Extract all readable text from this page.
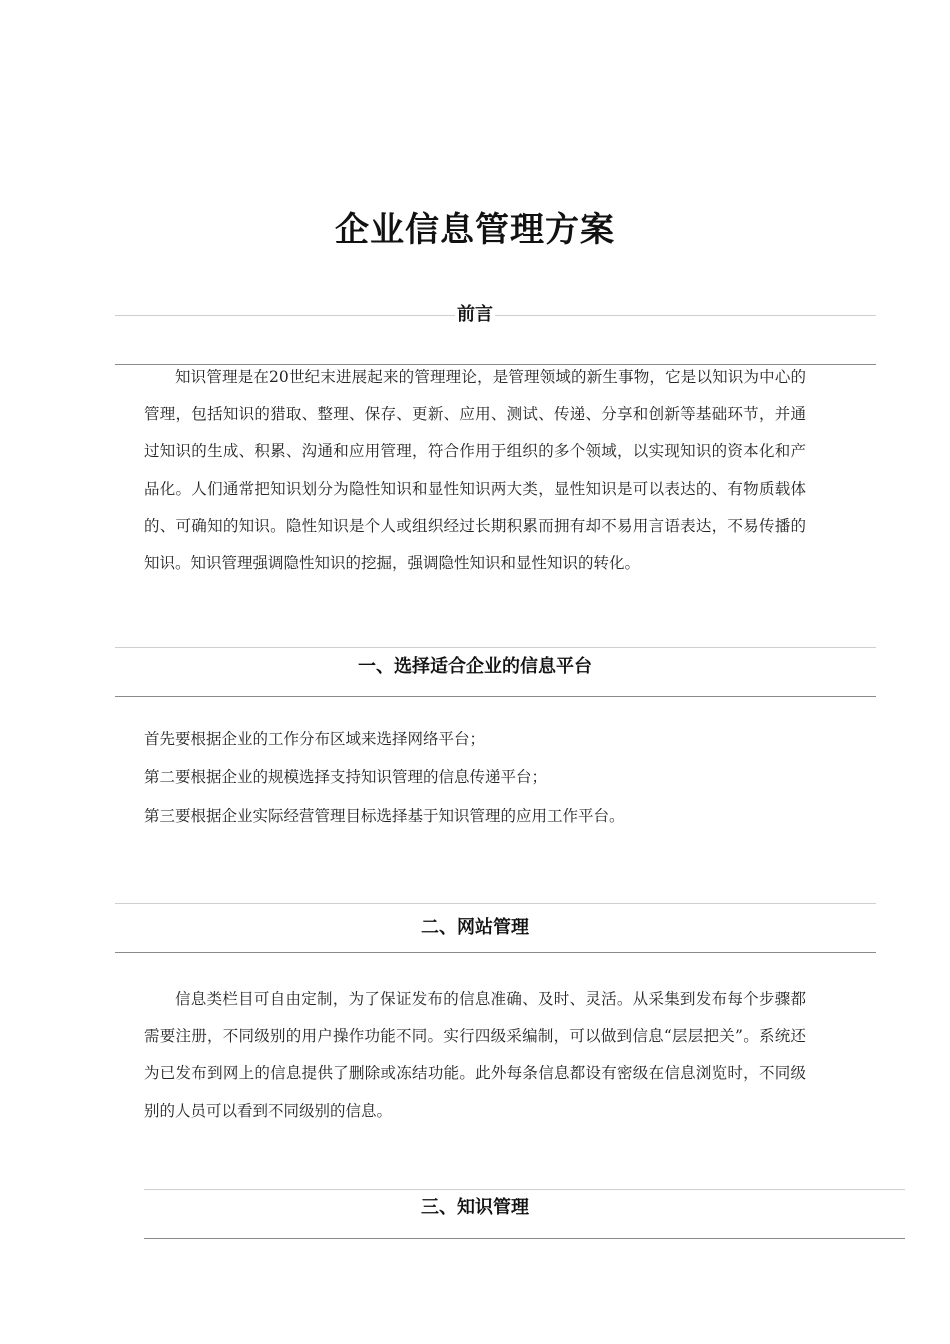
企业信息管理方案
前言

知识管理是在20世纪末进展起来的管理理论，是管理领域的新生事物，它是以知识为中心的管理，包括知识的猎取、整理、保存、更新、应用、测试、传递、分享和创新等基础环节，并通过知识的生成、积累、沟通和应用管理，符合作用于组织的多个领域，以实现知识的资本化和产品化。人们通常把知识划分为隐性知识和显性知识两大类，显性知识是可以表达的、有物质载体的、可确知的知识。隐性知识是个人或组织经过长期积累而拥有却不易用言语表达，不易传播的知识。知识管理强调隐性知识的挖掘，强调隐性知识和显性知识的转化。

一、选择适合企业的信息平台

首先要根据企业的工作分布区域来选择网络平台；

第二要根据企业的规模选择支持知识管理的信息传递平台；

第三要根据企业实际经营管理目标选择基于知识管理的应用工作平台。

二、网站管理

信息类栏目可自由定制，为了保证发布的信息准确、及时、灵活。从采集到发布每个步骤都需要注册，不同级别的用户操作功能不同。实行四级采编制，可以做到信息“层层把关”。系统还为已发布到网上的信息提供了删除或冻结功能。此外每条信息都设有密级在信息浏览时，不同级别的人员可以看到不同级别的信息。

三、知识管理
